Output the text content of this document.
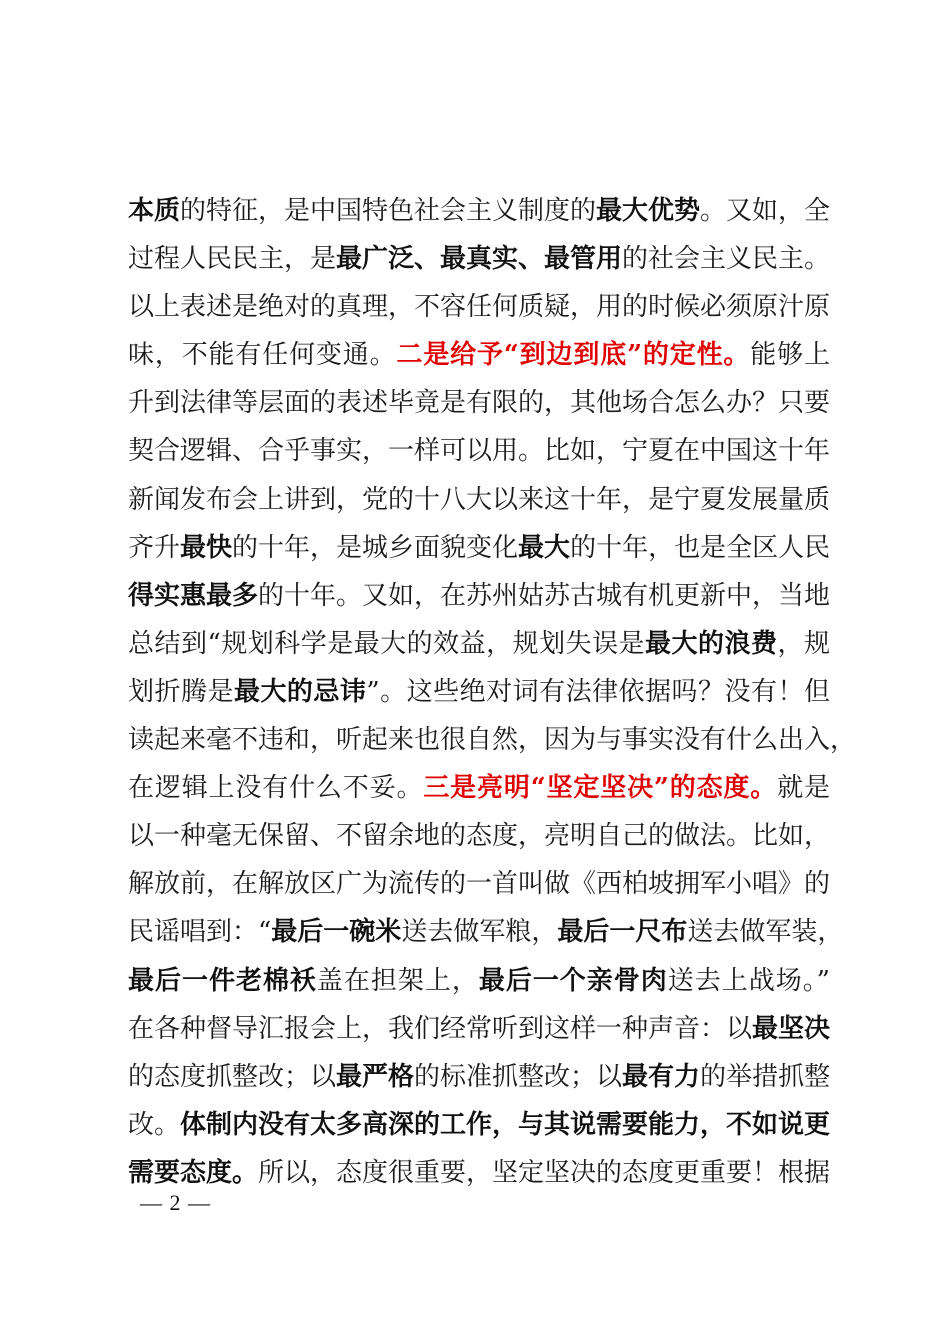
本质的特征，是中国特色社会主义制度的最大优势。又如，全
过程人民民主，是最广泛、最真实、最管用的社会主义民主。
以上表述是绝对的真理，不容任何质疑，用的时候必须原汁原
味，不能有任何变通。二是给予“到边到底”的定性。能够上
升到法律等层面的表述毕竟是有限的，其他场合怎么办？只要
契合逻辑、合乎事实，一样可以用。比如，宁夏在中国这十年
新闻发布会上讲到，党的十八大以来这十年，是宁夏发展量质
齐升最快的十年，是城乡面貌变化最大的十年，也是全区人民
得实惠最多的十年。又如，在苏州姑苏古城有机更新中，当地
总结到“规划科学是最大的效益，规划失误是最大的浪费，规
划折腾是最大的忌讳”。这些绝对词有法律依据吗？没有！但
读起来毫不违和，听起来也很自然，因为与事实没有什么出入，
在逻辑上没有什么不妥。三是亮明“坚定坚决”的态度。就是
以一种毫无保留、不留余地的态度，亮明自己的做法。比如，
解放前，在解放区广为流传的一首叫做《西柏坡拥军小唱》的
民谣唱到：“最后一碗米送去做军粮，最后一尺布送去做军装，
最后一件老棉袄盖在担架上，最后一个亲骨肉送去上战场。”
在各种督导汇报会上，我们经常听到这样一种声音：以最坚决
的态度抓整改；以最严格的标准抓整改；以最有力的举措抓整
改。体制内没有太多高深的工作，与其说需要能力，不如说更
需要态度。所以，态度很重要，坚定坚决的态度更重要！根据
— 2 —
